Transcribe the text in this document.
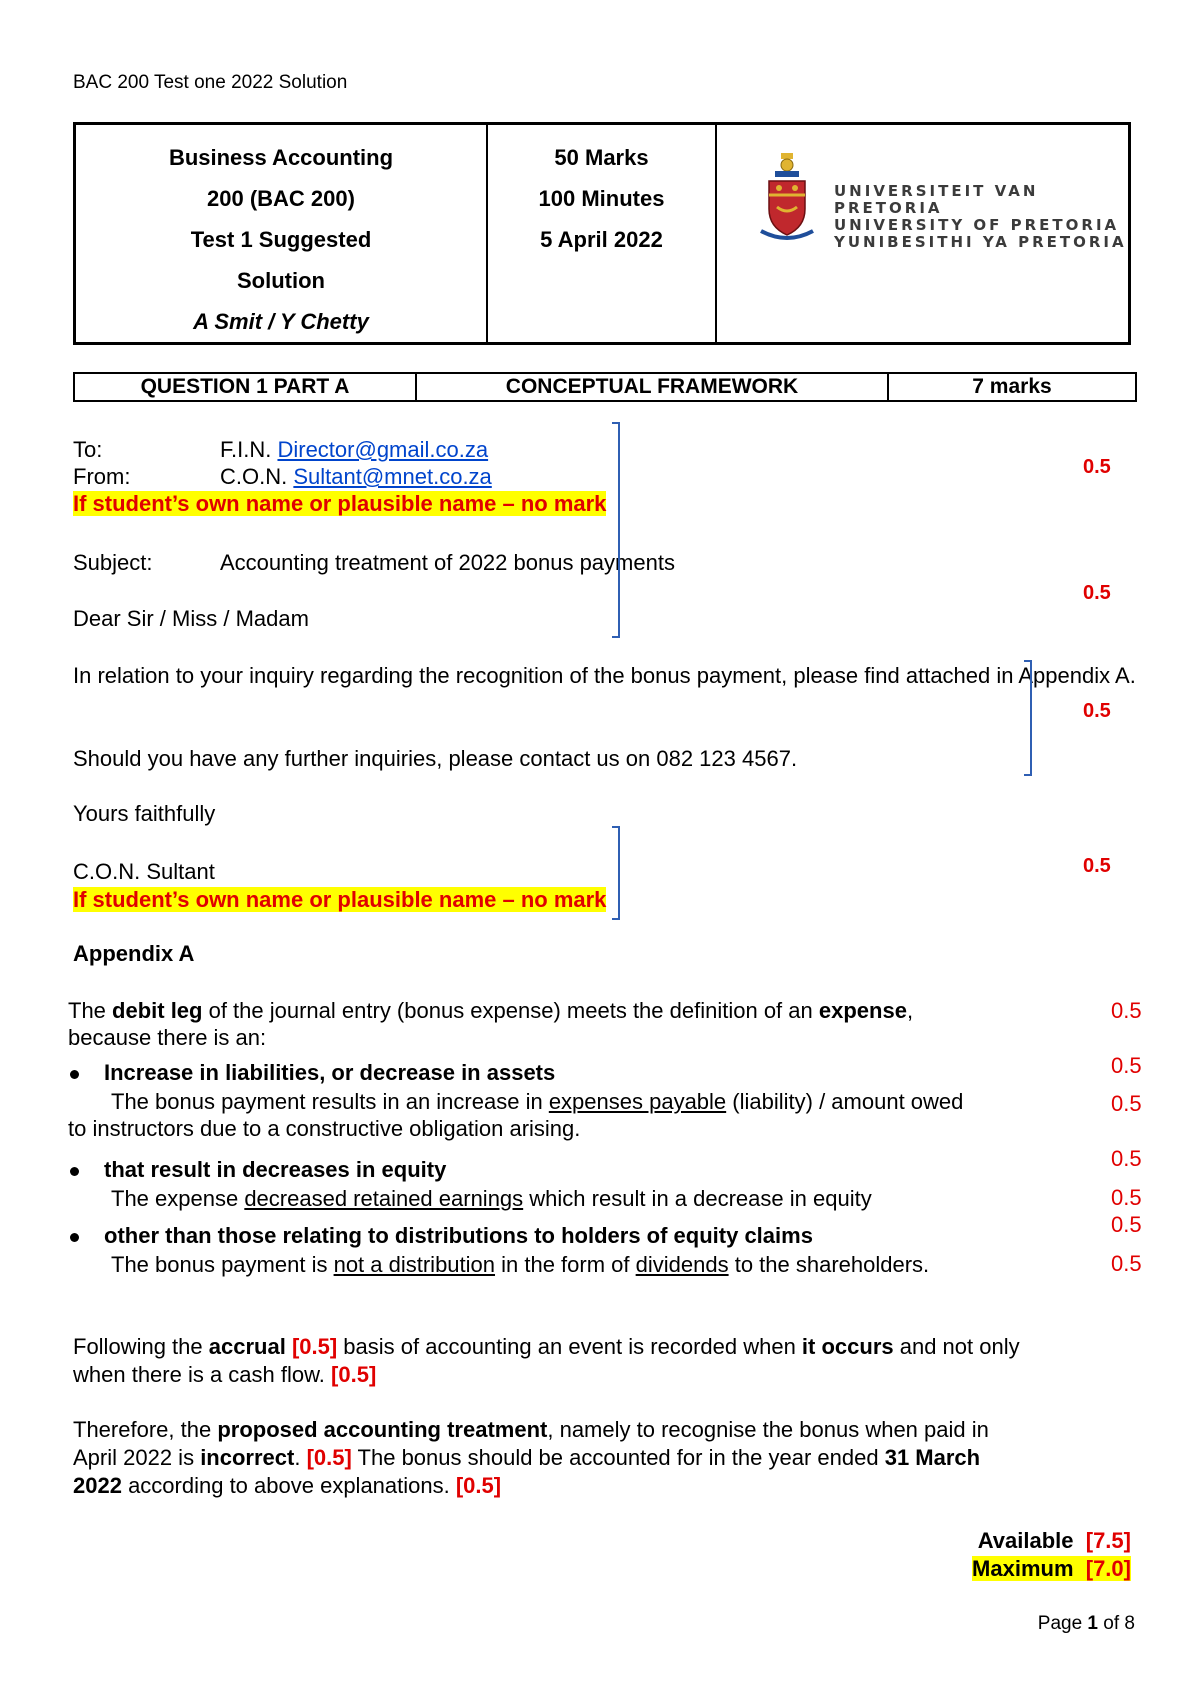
BAC 200 Test one 2022 Solution
Business Accounting
200 (BAC 200)
Test 1 Suggested
Solution
A Smit / Y Chetty

50 Marks
100 Minutes
5 April 2022

UNIVERSITEIT VAN PRETORIA
UNIVERSITY OF PRETORIA
YUNIBESITHI YA PRETORIA
QUESTION 1 PART A	CONCEPTUAL FRAMEWORK	7 marks
To:	F.I.N. Director@gmail.co.za
From:	C.O.N. Sultant@mnet.co.za
If student’s own name or plausible name – no mark
Subject:	Accounting treatment of 2022 bonus payments
Dear Sir / Miss / Madam
In relation to your inquiry regarding the recognition of the bonus payment, please find attached in Appendix A.
Should you have any further inquiries, please contact us on 082 123 4567.
Yours faithfully
C.O.N. Sultant
If student’s own name or plausible name – no mark
0.5
0.5
0.5
0.5
Appendix A
The debit leg of the journal entry (bonus expense) meets the definition of an expense,
because there is an:
Increase in liabilities, or decrease in assets
The bonus payment results in an increase in expenses payable (liability) / amount owed
to instructors due to a constructive obligation arising.
that result in decreases in equity
The expense decreased retained earnings which result in a decrease in equity
other than those relating to distributions to holders of equity claims
The bonus payment is not a distribution in the form of dividends to the shareholders.
0.5
0.5
0.5
0.5
0.5
0.5
0.5
Following the accrual [0.5] basis of accounting an event is recorded when it occurs and not only
when there is a cash flow. [0.5]
Therefore, the proposed accounting treatment, namely to recognise the bonus when paid in
April 2022 is incorrect. [0.5] The bonus should be accounted for in the year ended 31 March
2022 according to above explanations. [0.5]
Available [7.5]
Maximum [7.0]
Page 1 of 8
